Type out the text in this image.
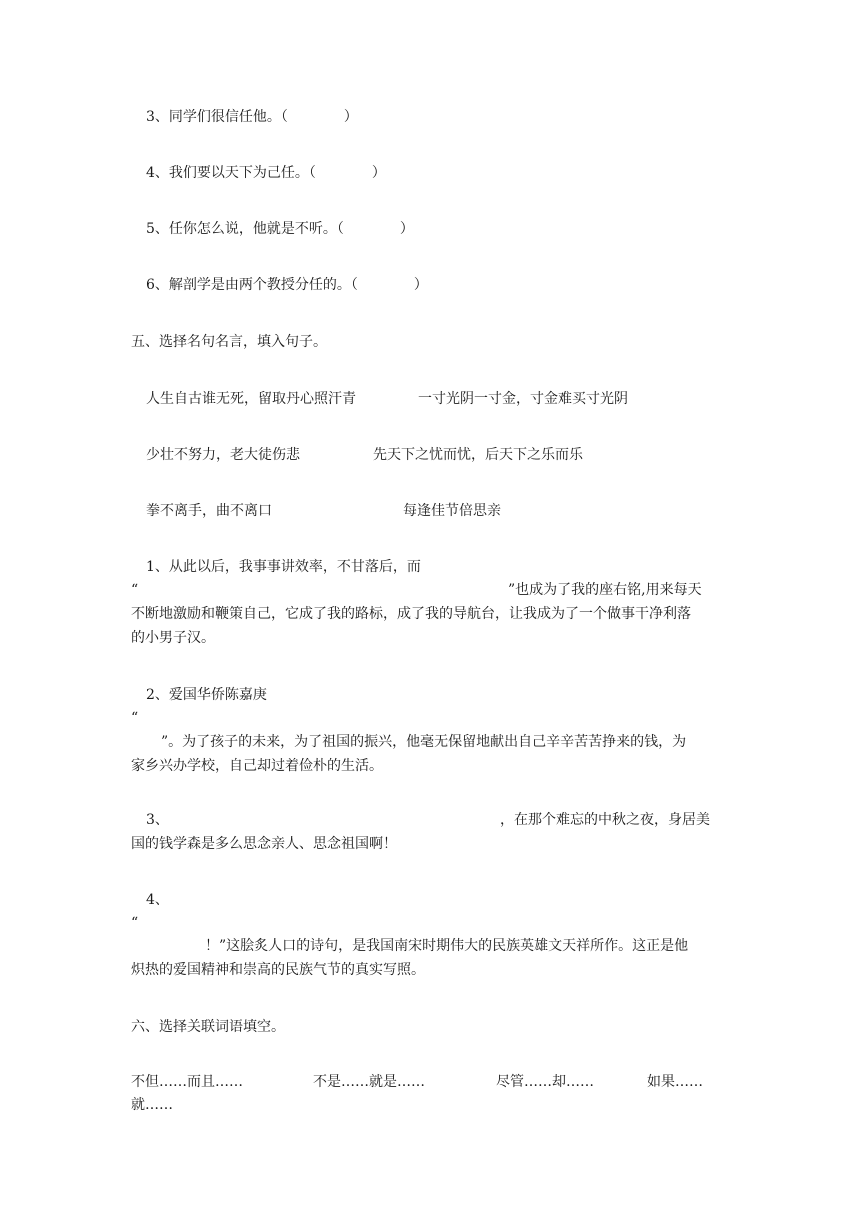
3、同学们很信任他。（	）
4、我们要以天下为己任。（	）
5、任你怎么说，他就是不听。（	）
6、解剖学是由两个教授分任的。（	）
五、选择名句名言，填入句子。
人生自古谁无死，留取丹心照汗青	一寸光阴一寸金，寸金难买寸光阴
少壮不努力，老大徒伤悲	先天下之忧而忧，后天下之乐而乐
拳不离手，曲不离口	每逢佳节倍思亲
1、从此以后，我事事讲效率，不甘落后，而
“	”也成为了我的座右铭,用来每天
不断地激励和鞭策自己，它成了我的路标，成了我的导航台，让我成为了一个做事干净利落
的小男子汉。
2、爱国华侨陈嘉庚
“
”。为了孩子的未来，为了祖国的振兴，他毫无保留地献出自己辛辛苦苦挣来的钱，为
家乡兴办学校，自己却过着俭朴的生活。
3、	，在那个难忘的中秋之夜，身居美
国的钱学森是多么思念亲人、思念祖国啊！
4、
“
！”这脍炙人口的诗句，是我国南宋时期伟大的民族英雄文天祥所作。这正是他
炽热的爱国精神和崇高的民族气节的真实写照。
六、选择关联词语填空。
不但……而且……	不是……就是……	尽管……却……	如果……
就……
